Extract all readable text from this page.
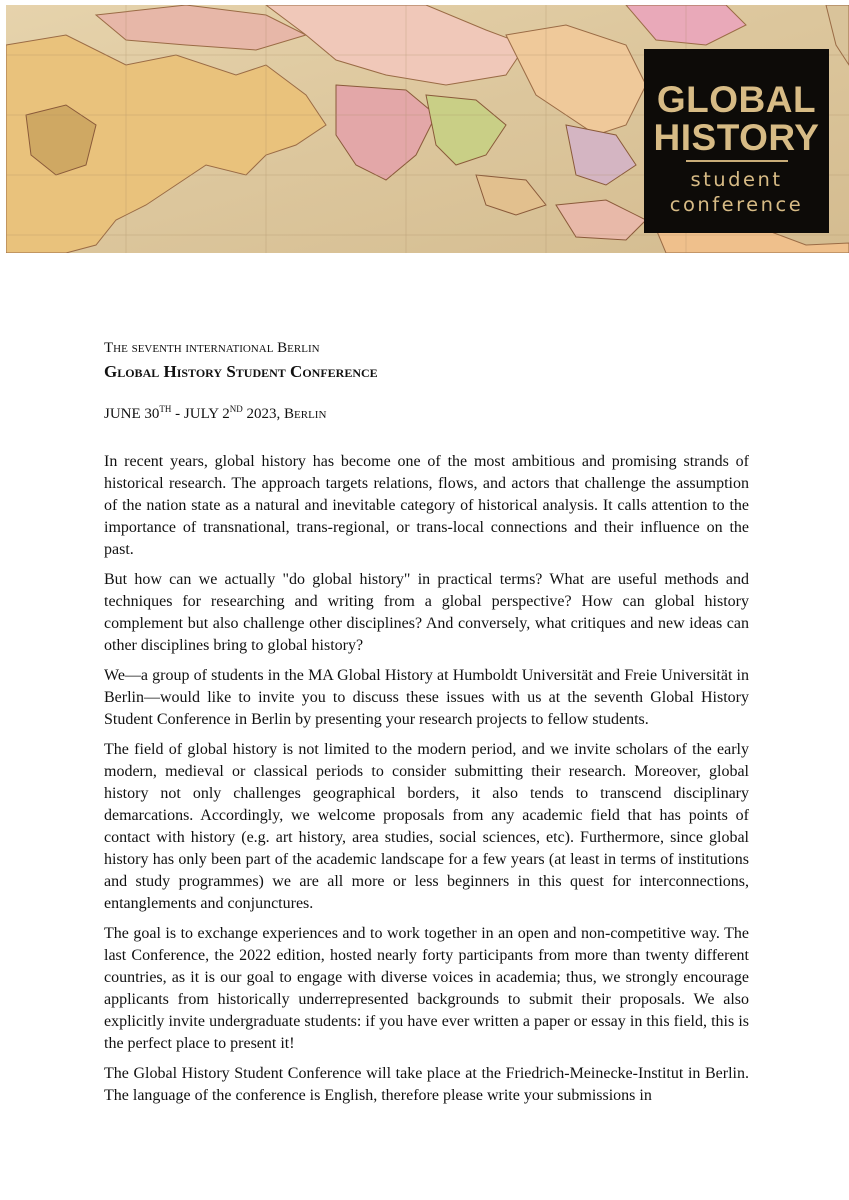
GLOBAL
HISTORY
student
conference
The seventh international Berlin
Global History Student Conference
JUNE 30TH - JULY 2ND 2023, Berlin

In recent years, global history has become one of the most ambitious and promising strands of historical research. The approach targets relations, flows, and actors that challenge the assumption of the nation state as a natural and inevitable category of historical analysis. It calls attention to the importance of transnational, trans-regional, or trans-local connections and their influence on the past.

But how can we actually "do global history" in practical terms? What are useful methods and techniques for researching and writing from a global perspective? How can global history complement but also challenge other disciplines? And conversely, what critiques and new ideas can other disciplines bring to global history?

We—a group of students in the MA Global History at Humboldt Universität and Freie Universität in Berlin—would like to invite you to discuss these issues with us at the seventh Global History Student Conference in Berlin by presenting your research projects to fellow students.

The field of global history is not limited to the modern period, and we invite scholars of the early modern, medieval or classical periods to consider submitting their research. Moreover, global history not only challenges geographical borders, it also tends to transcend disciplinary demarcations. Accordingly, we welcome proposals from any academic field that has points of contact with history (e.g. art history, area studies, social sciences, etc). Furthermore, since global history has only been part of the academic landscape for a few years (at least in terms of institutions and study programmes) we are all more or less beginners in this quest for interconnections, entanglements and conjunctures.

The goal is to exchange experiences and to work together in an open and non-competitive way. The last Conference, the 2022 edition, hosted nearly forty participants from more than twenty different countries, as it is our goal to engage with diverse voices in academia; thus, we strongly encourage applicants from historically underrepresented backgrounds to submit their proposals. We also explicitly invite undergraduate students: if you have ever written a paper or essay in this field, this is the perfect place to present it!

The Global History Student Conference will take place at the Friedrich-Meinecke-Institut in Berlin. The language of the conference is English, therefore please write your submissions in
